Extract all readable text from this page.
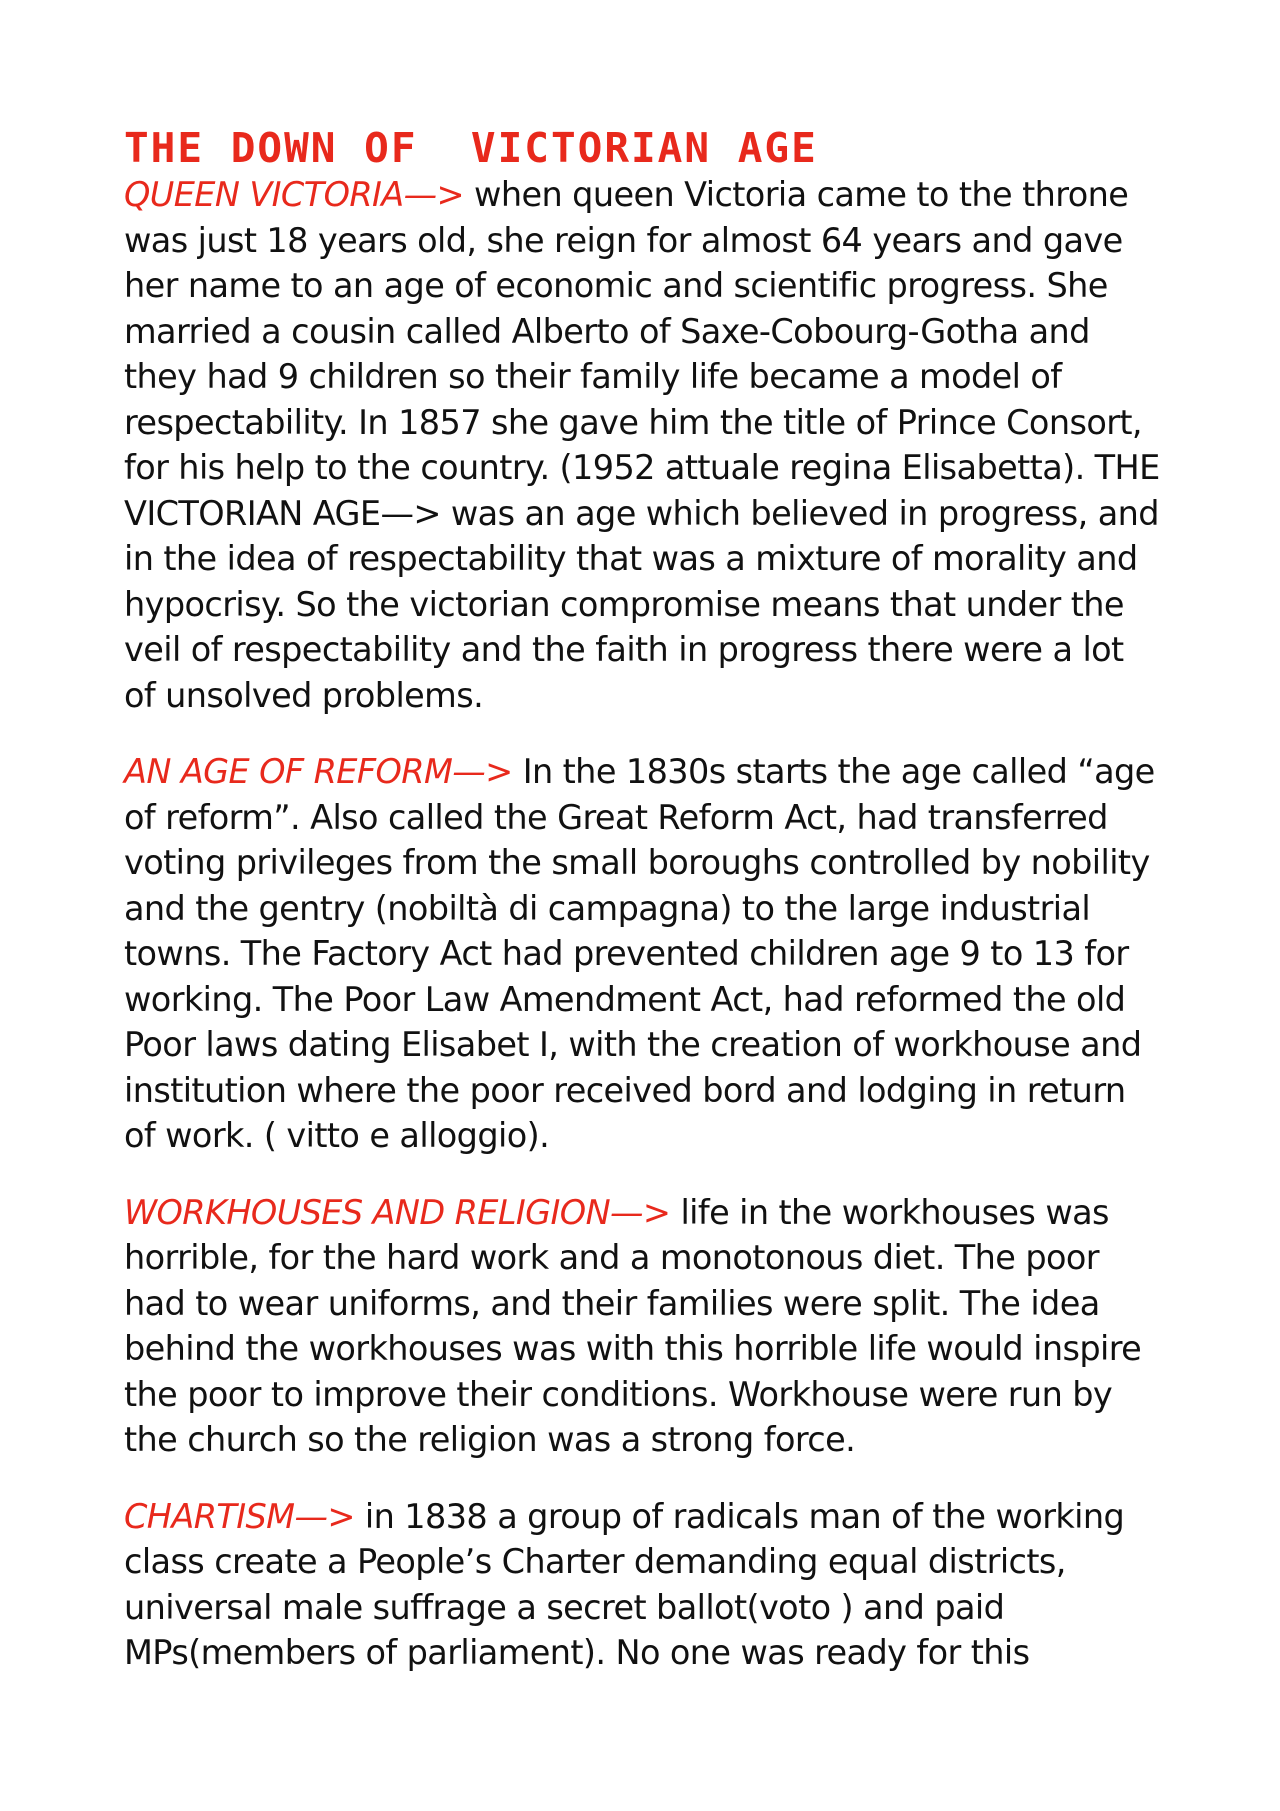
THE DOWN OF  VICTORIAN AGE

QUEEN VICTORIA—> when queen Victoria came to the throne was just 18 years old, she reign for almost 64 years and gave her name to an age of economic and scientific progress. She married a cousin called Alberto of Saxe-Cobourg-Gotha and they had 9 children so their family life became a model of respectability. In 1857 she gave him the title of Prince Consort, for his help to the country. (1952 attuale regina Elisabetta). THE VICTORIAN AGE—> was an age which believed in progress, and in the idea of respectability that was a mixture of morality and hypocrisy. So the victorian compromise means that under the veil of respectability and the faith in progress there were a lot of unsolved problems.

AN AGE OF REFORM—> In the 1830s starts the age called “age of reform”. Also called the Great Reform Act, had transferred voting privileges from the small boroughs controlled by nobility and the gentry (nobiltà di campagna) to the large industrial towns. The Factory Act had prevented children age 9 to 13 for working. The Poor Law Amendment Act, had reformed the old Poor laws dating Elisabet I, with the creation of workhouse and institution where the poor received bord and lodging in return of work. ( vitto e alloggio).

WORKHOUSES AND RELIGION—> life in the workhouses was horrible, for the hard work and a monotonous diet. The poor had to wear uniforms, and their families were split. The idea behind the workhouses was with this horrible life would inspire the poor to improve their conditions. Workhouse were run by the church so the religion was a strong force.

CHARTISM—> in 1838 a group of radicals man of the working class create a People’s Charter demanding equal districts, universal male suffrage a secret ballot(voto ) and paid MPs(members of parliament). No one was ready for this
